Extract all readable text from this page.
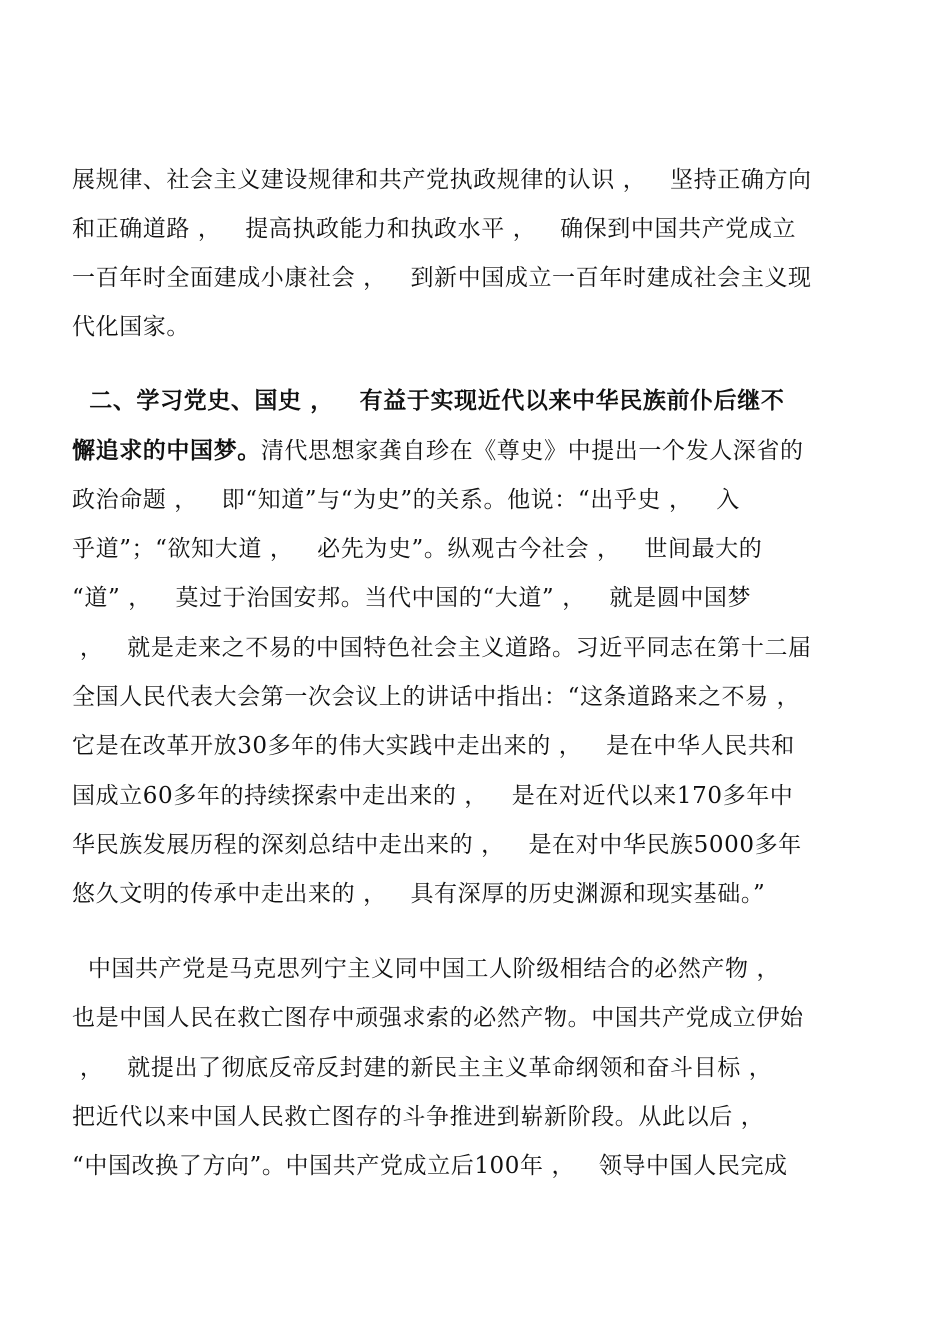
展规律、社会主义建设规律和共产党执政规律的认识 ，   坚持正确方向
和正确道路 ，   提高执政能力和执政水平 ，   确保到中国共产党成立
一百年时全面建成小康社会 ，   到新中国成立一百年时建成社会主义现
代化国家。
二、学习党史、国史 ，   有益于实现近代以来中华民族前仆后继不
懈追求的中国梦。清代思想家龚自珍在《尊史》中提出一个发人深省的
政治命题 ，   即“知道”与“为史”的关系。他说：“出乎史 ，   入
乎道”；“欲知大道 ，   必先为史”。纵观古今社会 ，   世间最大的
“道” ，   莫过于治国安邦。当代中国的“大道” ，   就是圆中国梦
，   就是走来之不易的中国特色社会主义道路。习近平同志在第十二届
全国人民代表大会第一次会议上的讲话中指出：“这条道路来之不易 ，
它是在改革开放30多年的伟大实践中走出来的 ，   是在中华人民共和
国成立60多年的持续探索中走出来的 ，   是在对近代以来170多年中
华民族发展历程的深刻总结中走出来的 ，   是在对中华民族5000多年
悠久文明的传承中走出来的 ，   具有深厚的历史渊源和现实基础。”
中国共产党是马克思列宁主义同中国工人阶级相结合的必然产物 ，
也是中国人民在救亡图存中顽强求索的必然产物。中国共产党成立伊始
，   就提出了彻底反帝反封建的新民主主义革命纲领和奋斗目标 ，
把近代以来中国人民救亡图存的斗争推进到崭新阶段。从此以后 ，
“中国改换了方向”。中国共产党成立后100年 ，   领导中国人民完成
